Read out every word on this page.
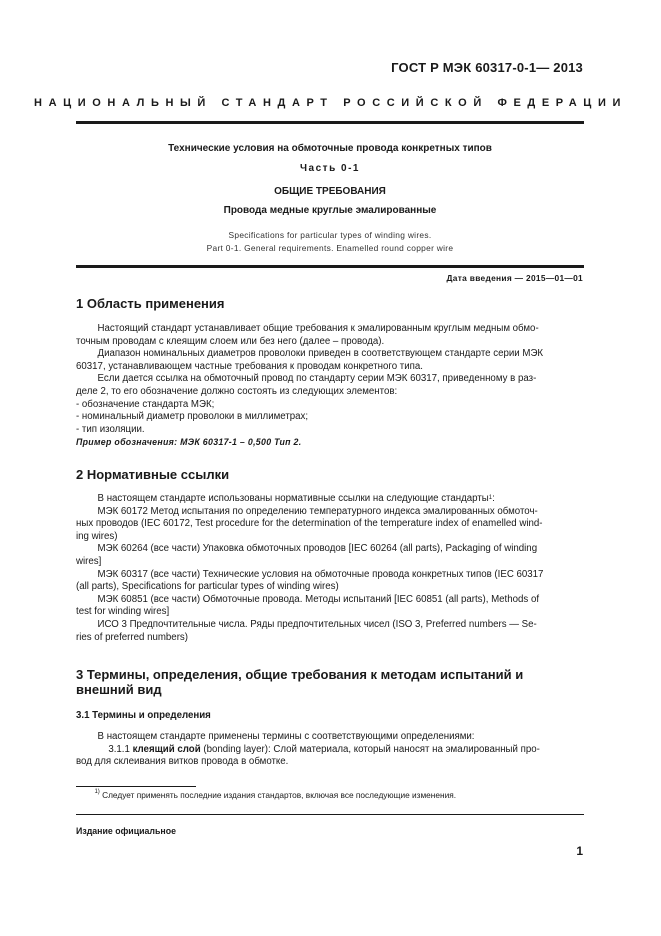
ГОСТ Р МЭК 60317-0-1— 2013
НАЦИОНАЛЬНЫЙ СТАНДАРТ РОССИЙСКОЙ ФЕДЕРАЦИИ
Технические условия на обмоточные провода конкретных типов
Часть 0-1
ОБЩИЕ ТРЕБОВАНИЯ
Провода медные круглые эмалированные
Specifications for particular types of winding wires.
Part 0-1. General requirements. Enamelled round copper wire
Дата введения — 2015—01—01
1 Область применения
Настоящий стандарт устанавливает общие требования к эмалированным круглым медным обмо-
точным проводам с клеящим слоем или без него (далее – провода).
Диапазон номинальных диаметров проволоки приведен в соответствующем стандарте серии МЭК
60317, устанавливающем частные требования к проводам конкретного типа.
Если дается ссылка на обмоточный провод по стандарту серии МЭК 60317, приведенному в раз-
деле 2, то его обозначение должно состоять из следующих элементов:
- обозначение стандарта МЭК;
- номинальный диаметр проволоки в миллиметрах;
- тип изоляции.
Пример обозначения: МЭК 60317-1 – 0,500 Тип 2.
2 Нормативные ссылки
В настоящем стандарте использованы нормативные ссылки на следующие стандарты$^1$:
МЭК 60172 Метод испытания по определению температурного индекса эмалированных обмоточ-
ных проводов (IEC 60172, Test procedure for the determination of the temperature index of enamelled wind-
ing wires)
МЭК 60264 (все части) Упаковка обмоточных проводов [IEC 60264 (all parts), Packaging of winding
wires]
МЭК 60317 (все части) Технические условия на обмоточные провода конкретных типов (IEC 60317
(all parts), Specifications for particular types of winding wires)
МЭК 60851 (все части) Обмоточные провода. Методы испытаний [IEC 60851 (all parts), Methods of
test for winding wires]
ИСО 3 Предпочтительные числа. Ряды предпочтительных чисел (ISO 3, Preferred numbers — Se-
ries of preferred numbers)
3 Термины, определения, общие требования к методам испытаний и
внешний вид
3.1 Термины и определения
В настоящем стандарте применены термины с соответствующими определениями:
3.1.1 клеящий слой (bonding layer): Слой материала, который наносят на эмалированный про-
вод для склеивания витков провода в обмотке.
$^{1)}$ Следует применять последние издания стандартов, включая все последующие изменения.
Издание официальное
1
